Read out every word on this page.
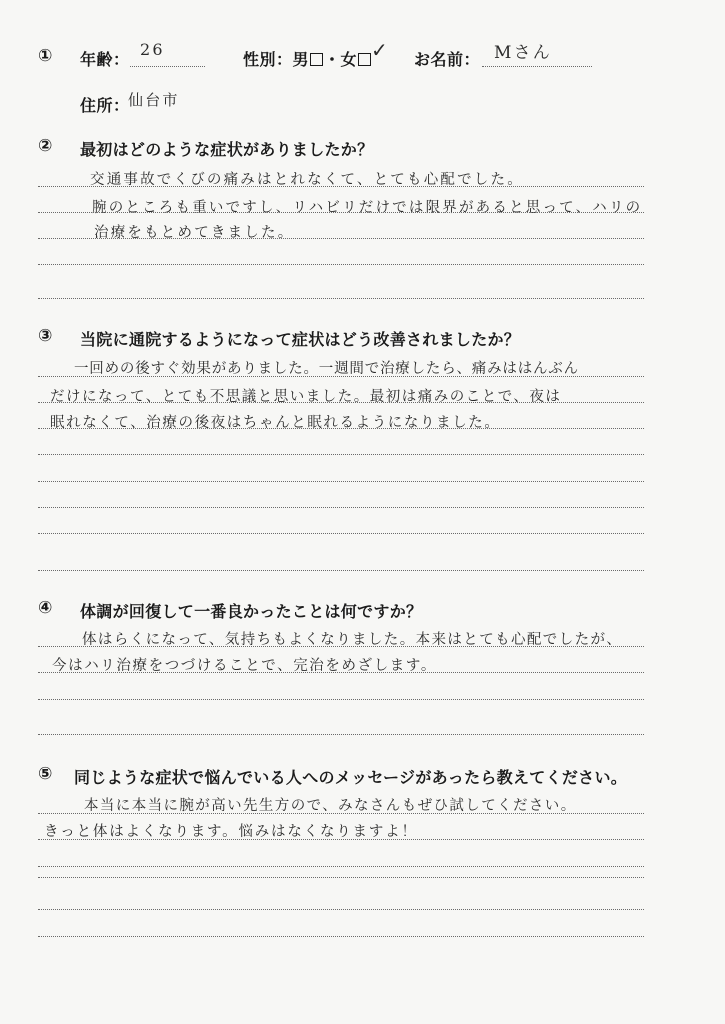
① 年齢：
26
性別：男 ・女 ✓ お名前： Mさん
住所：
仙台市
② 最初はどのような症状がありましたか？
交通事故でくびの痛みはとれなくて、とても心配でした。
腕のところも重いですし、リハビリだけでは限界があると思って、ハリの
治療をもとめてきました。
③ 当院に通院するようになって症状はどう改善されましたか？
一回めの後すぐ効果がありました。一週間で治療したら、痛みははんぶん
だけになって、とても不思議と思いました。最初は痛みのことで、夜は
眠れなくて、治療の後夜はちゃんと眠れるようになりました。
④ 体調が回復して一番良かったことは何ですか？
体はらくになって、気持ちもよくなりました。本来はとても心配でしたが、
今はハリ治療をつづけることで、完治をめざします。
⑤ 同じような症状で悩んでいる人へのメッセージがあったら教えてください。
本当に本当に腕が高い先生方ので、みなさんもぜひ試してください。
きっと体はよくなります。悩みはなくなりますよ！
